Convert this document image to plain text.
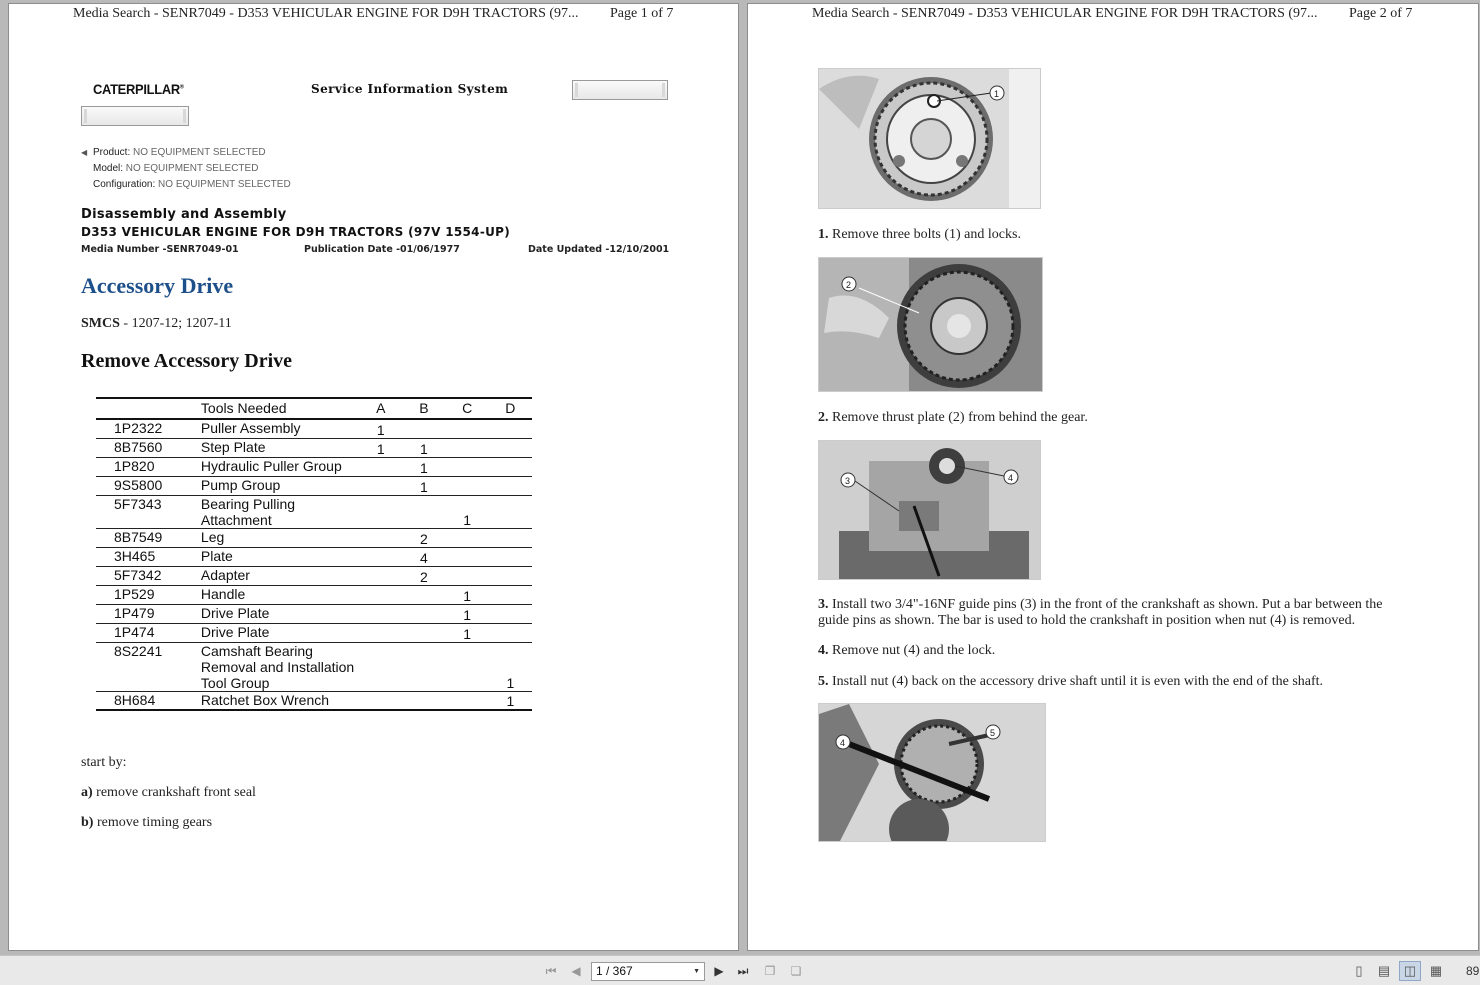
Media Search - SENR7049 - D353 VEHICULAR ENGINE FOR D9H TRACTORS (97... Page 1 of 7
CATERPILLAR®	Service Information System
◀ Product: NO EQUIPMENT SELECTED
Model: NO EQUIPMENT SELECTED
Configuration: NO EQUIPMENT SELECTED
Disassembly and Assembly
D353 VEHICULAR ENGINE FOR D9H TRACTORS (97V 1554-UP)
Media Number -SENR7049-01	Publication Date -01/06/1977	Date Updated -12/10/2001
Accessory Drive
SMCS - 1207-12; 1207-11
Remove Accessory Drive
	Tools Needed	A	B	C	D
1P2322	Puller Assembly	1			
8B7560	Step Plate	1	1		
1P820	Hydraulic Puller Group		1		
9S5800	Pump Group		1		
5F7343	Bearing Pulling Attachment			1	
8B7549	Leg		2		
3H465	Plate		4		
5F7342	Adapter		2		
1P529	Handle			1	
1P479	Drive Plate			1	
1P474	Drive Plate			1	
8S2241	Camshaft Bearing Removal and Installation Tool Group				1
8H684	Ratchet Box Wrench				1
start by:
a) remove crankshaft front seal
b) remove timing gears
Media Search - SENR7049 - D353 VEHICULAR ENGINE FOR D9H TRACTORS (97... Page 2 of 7
1
1. Remove three bolts (1) and locks.
2
2. Remove thrust plate (2) from behind the gear.
4
3
3. Install two 3/4"-16NF guide pins (3) in the front of the crankshaft as shown. Put a bar between the guide pins as shown. The bar is used to hold the crankshaft in position when nut (4) is removed.
4. Remove nut (4) and the lock.
5. Install nut (4) back on the accessory drive shaft until it is even with the end of the shaft.
5
4
⏮	◀	1 / 367	▼	▶	⏭	❐	❏	▯	▤	◫	▦	89
